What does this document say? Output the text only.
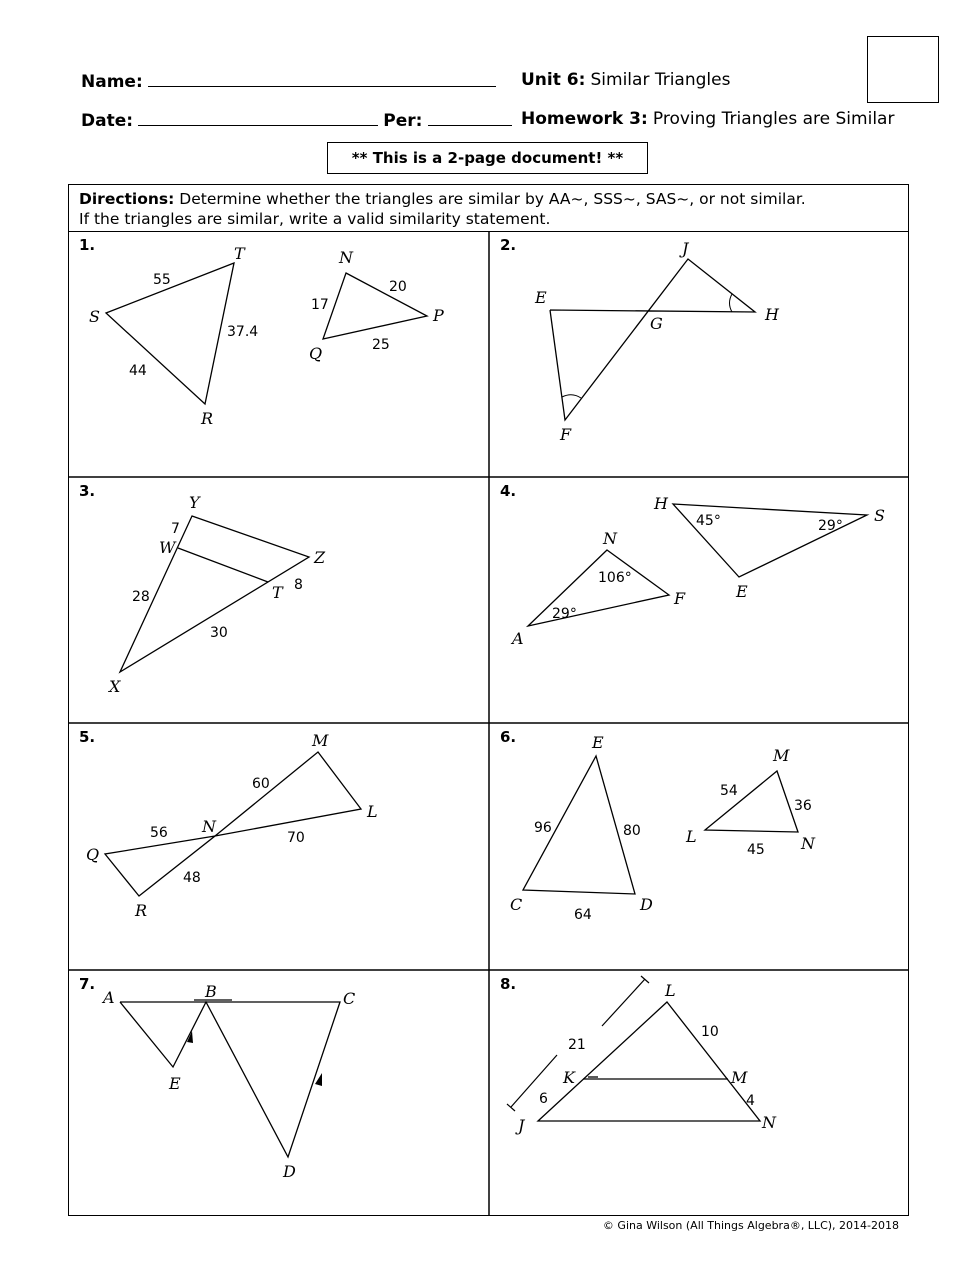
Name:	Unit 6: Similar Triangles
Date:	Per:	Homework 3: Proving Triangles are Similar
** This is a 2-page document! **
Directions: Determine whether the triangles are similar by AA~, SSS~, SAS~, or not similar.
If the triangles are similar, write a valid similarity statement.
1.	T
S
R
N
P
Q
55
37.4
44
20
17
25
2.	J
E
G	H
F
3.
Y
W
Z
T
X
7
8
28
30
4.
H
S
E
N
F
A
45°	29°
106°
29°
5.	M
L
N
Q
R
60
56	70
48
6.	E
C	D
M
L	N
96	80
64
54
36
45
7.
A	B	C
E
D
8.	L
K	M
J	N
21
10
6	4
© Gina Wilson (All Things Algebra®, LLC), 2014-2018
